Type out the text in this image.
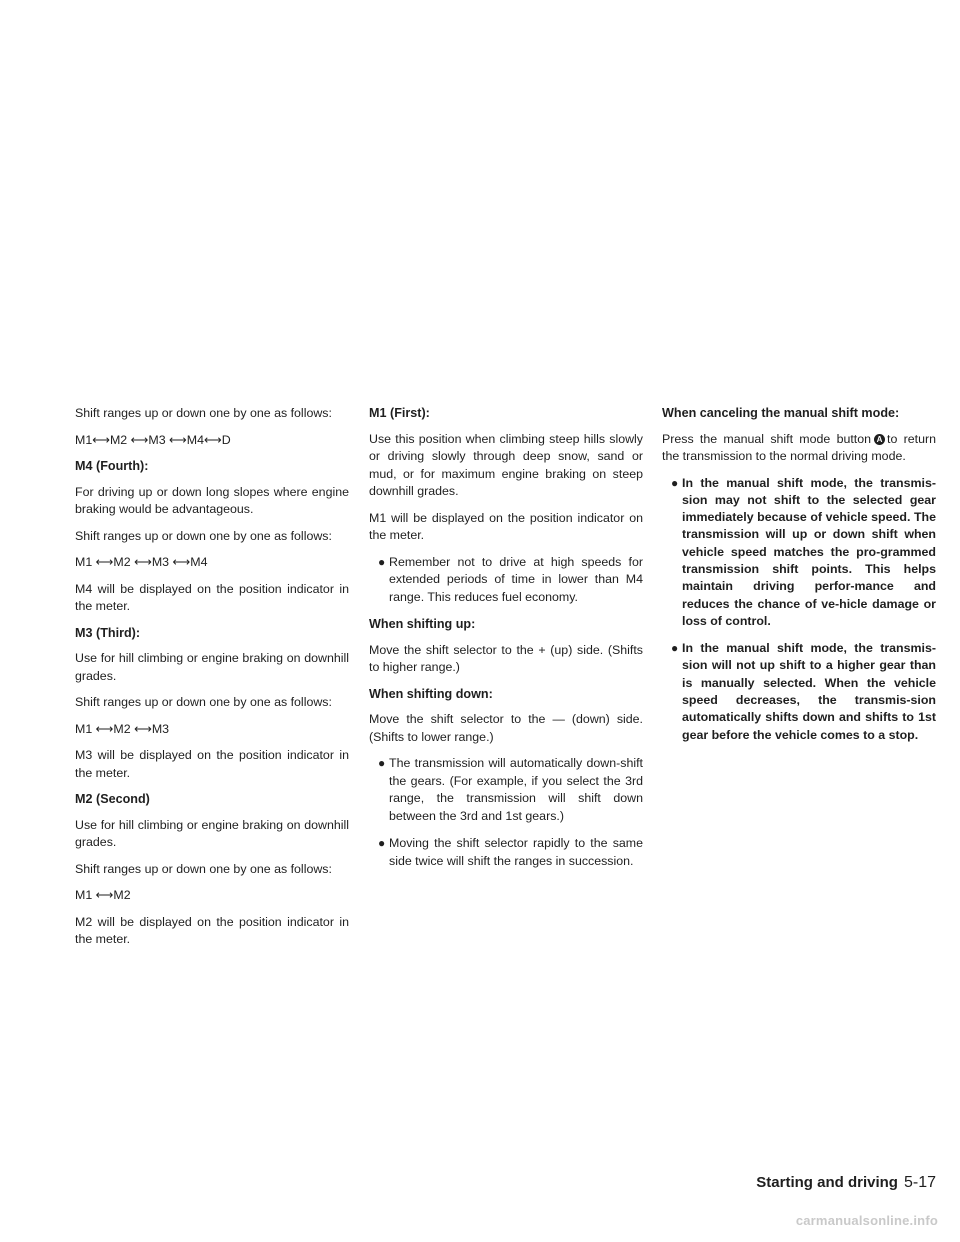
Shift ranges up or down one by one as follows:

M1⟷M2 ⟷M3 ⟷M4⟷D

M4 (Fourth):

For driving up or down long slopes where engine braking would be advantageous.

Shift ranges up or down one by one as follows:

M1 ⟷M2 ⟷M3 ⟷M4

M4 will be displayed on the position indicator in the meter.

M3 (Third):

Use for hill climbing or engine braking on downhill grades.

Shift ranges up or down one by one as follows:

M1 ⟷M2 ⟷M3

M3 will be displayed on the position indicator in the meter.

M2 (Second)

Use for hill climbing or engine braking on downhill grades.

Shift ranges up or down one by one as follows:

M1 ⟷M2

M2 will be displayed on the position indicator in the meter.

M1 (First):

Use this position when climbing steep hills slowly or driving slowly through deep snow, sand or mud, or for maximum engine braking on steep downhill grades.

M1 will be displayed on the position indicator on the meter.

● Remember not to drive at high speeds for extended periods of time in lower than M4 range. This reduces fuel economy.

When shifting up:

Move the shift selector to the + (up) side. (Shifts to higher range.)

When shifting down:

Move the shift selector to the — (down) side. (Shifts to lower range.)

● The transmission will automatically down-shift the gears. (For example, if you select the 3rd range, the transmission will shift down between the 3rd and 1st gears.)
● Moving the shift selector rapidly to the same side twice will shift the ranges in succession.

When canceling the manual shift mode:

Press the manual shift mode button A to return the transmission to the normal driving mode.

● In the manual shift mode, the transmis-sion may not shift to the selected gear immediately because of vehicle speed. The transmission will up or down shift when vehicle speed matches the pro-grammed transmission shift points. This helps maintain driving perfor-mance and reduces the chance of ve-hicle damage or loss of control.
● In the manual shift mode, the transmis-sion will not up shift to a higher gear than is manually selected. When the vehicle speed decreases, the transmis-sion automatically shifts down and shifts to 1st gear before the vehicle comes to a stop.
Starting and driving 5-17
carmanualsonline.info
